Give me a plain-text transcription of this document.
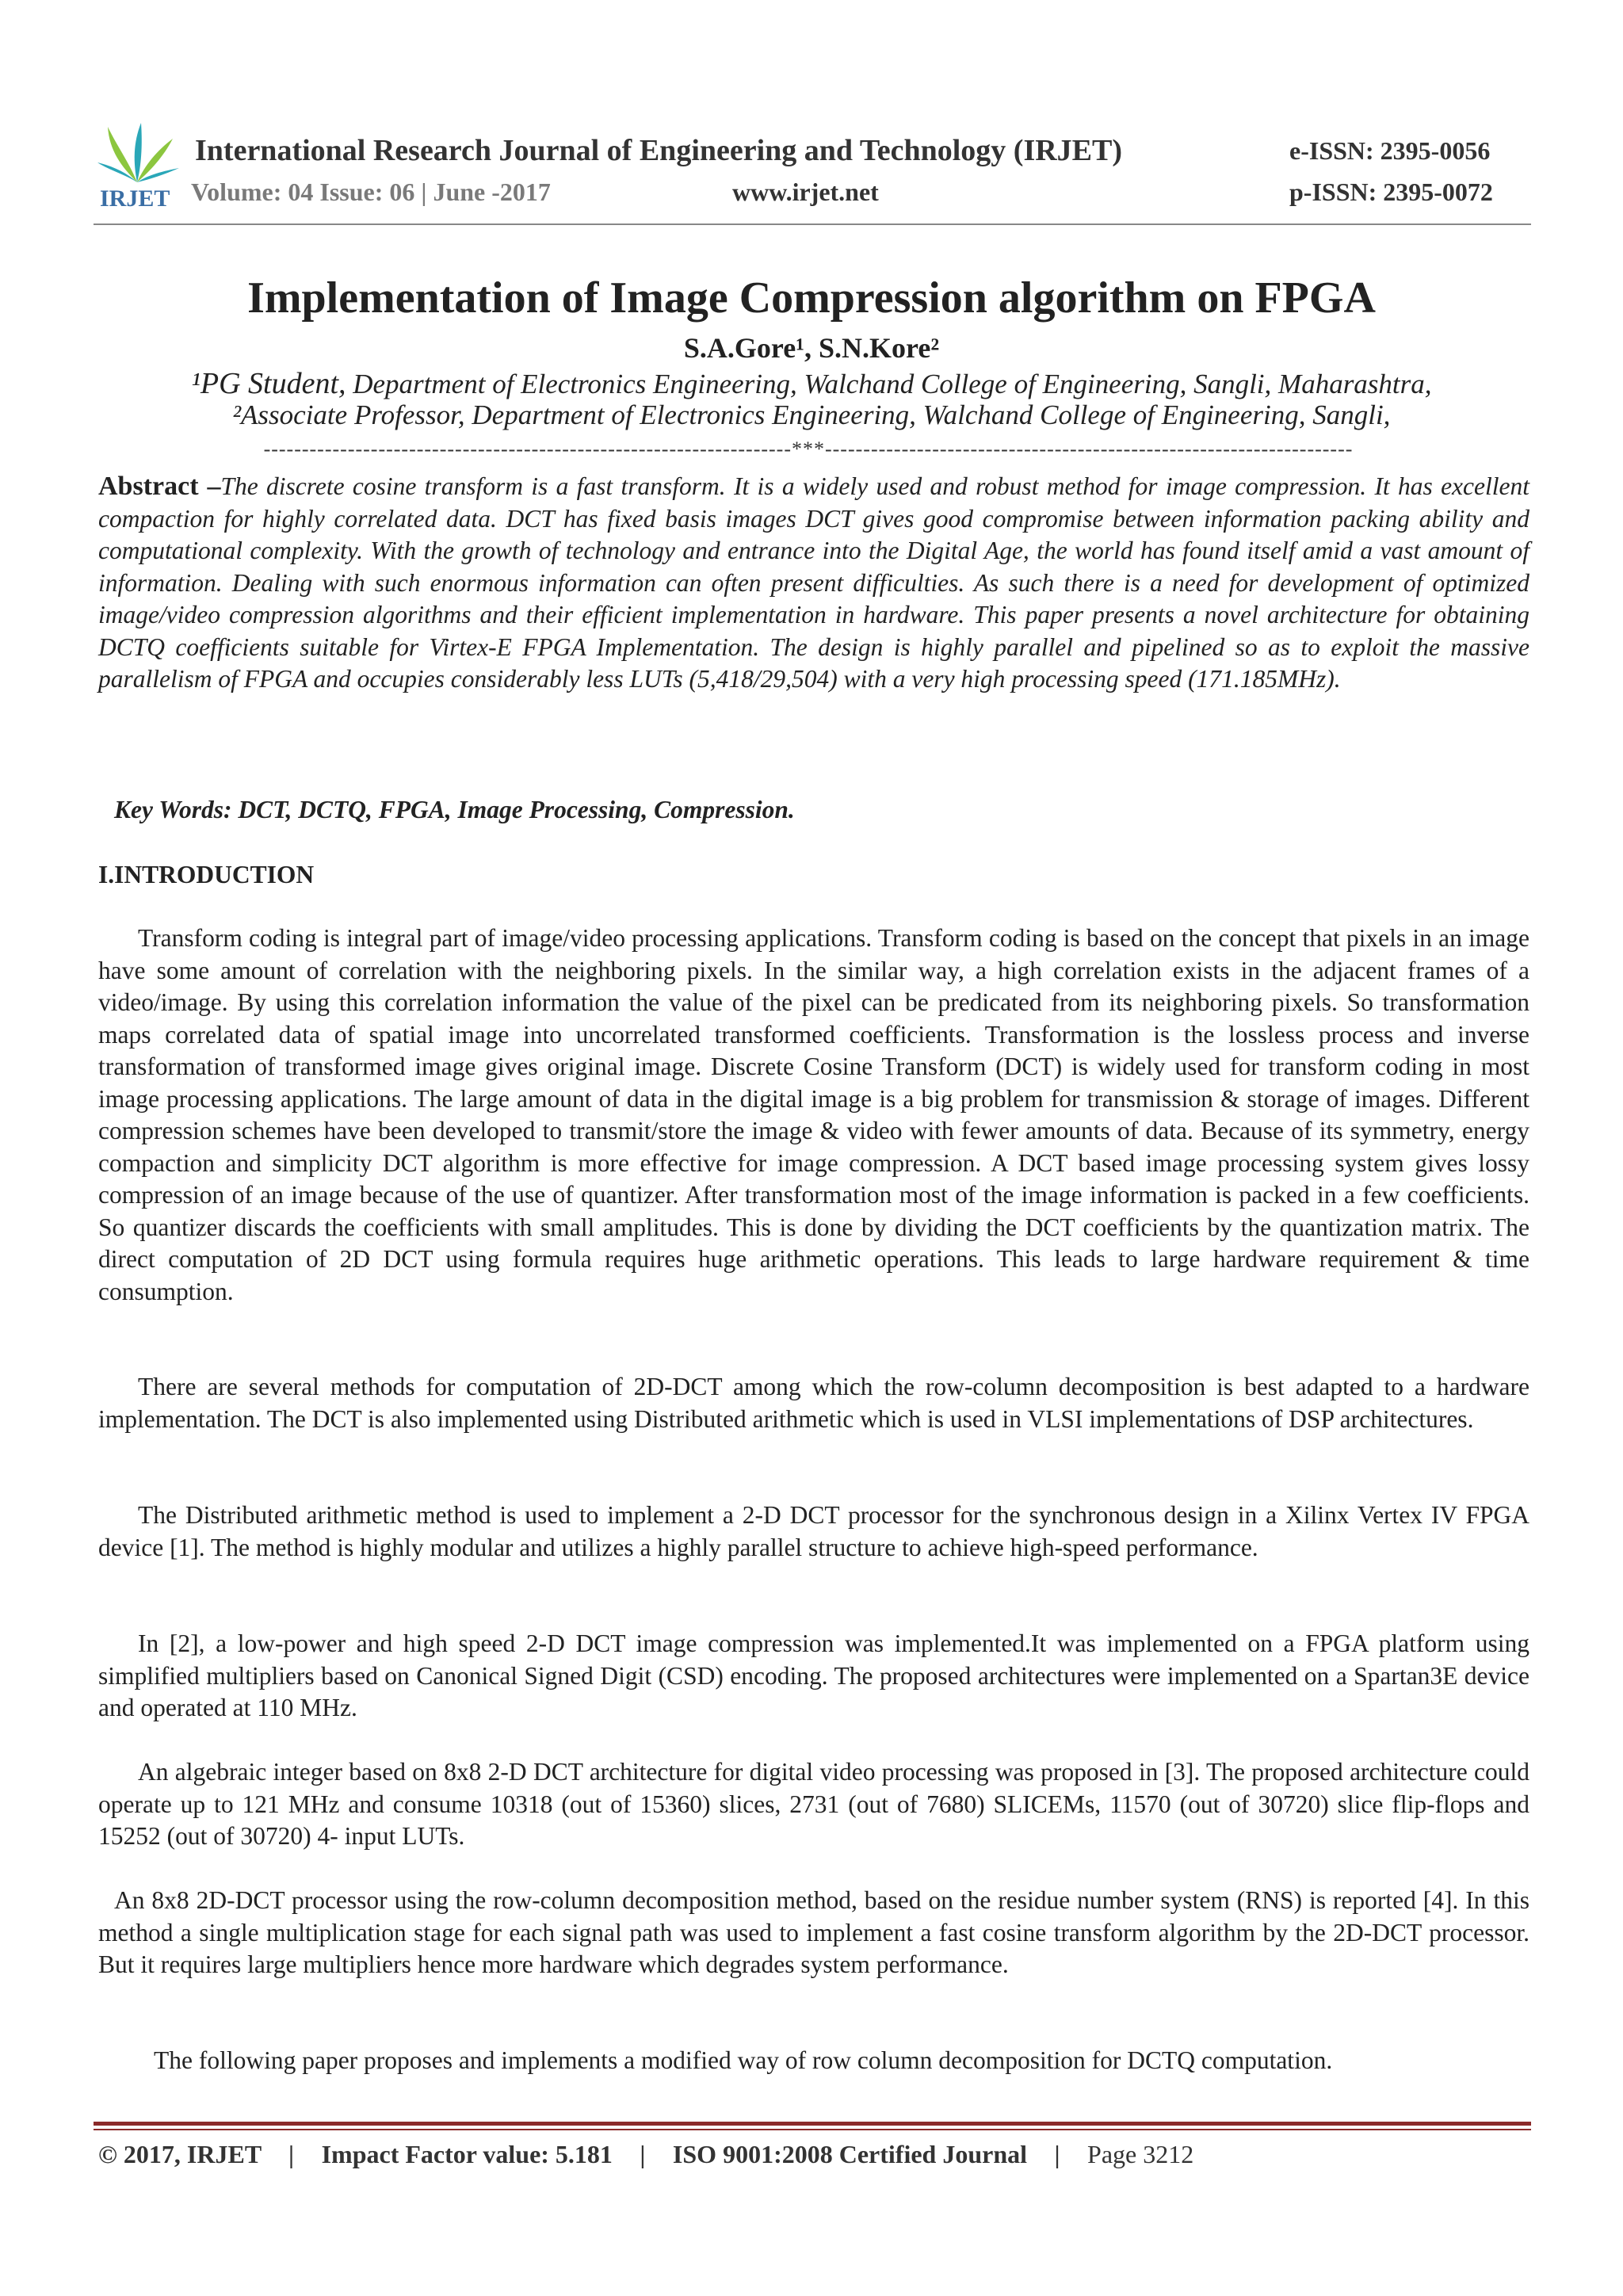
IRJET
International Research Journal of Engineering and Technology (IRJET)
Volume: 04 Issue: 06 | June -2017	www.irjet.net
e-ISSN: 2395-0056
p-ISSN: 2395-0072
Implementation of Image Compression algorithm on FPGA
S.A.Gore¹, S.N.Kore²
¹PG Student, Department of Electronics Engineering, Walchand College of Engineering, Sangli, Maharashtra,
²Associate Professor, Department of Electronics Engineering, Walchand College of Engineering, Sangli,
---------------------------------------------------------------------***---------------------------------------------------------------------
Abstract –The discrete cosine transform is a fast transform. It is a widely used and robust method for image compression. It has excellent compaction for highly correlated data. DCT has fixed basis images DCT gives good compromise between information packing ability and computational complexity. With the growth of technology and entrance into the Digital Age, the world has found itself amid a vast amount of information. Dealing with such enormous information can often present difficulties. As such there is a need for development of optimized image/video compression algorithms and their efficient implementation in hardware. This paper presents a novel architecture for obtaining DCTQ coefficients suitable for Virtex-E FPGA Implementation. The design is highly parallel and pipelined so as to exploit the massive parallelism of FPGA and occupies considerably less LUTs (5,418/29,504) with a very high processing speed (171.185MHz).
Key Words: DCT, DCTQ, FPGA, Image Processing, Compression.
I.INTRODUCTION

Transform coding is integral part of image/video processing applications. Transform coding is based on the concept that pixels in an image have some amount of correlation with the neighboring pixels. In the similar way, a high correlation exists in the adjacent frames of a video/image. By using this correlation information the value of the pixel can be predicated from its neighboring pixels. So transformation maps correlated data of spatial image into uncorrelated transformed coefficients. Transformation is the lossless process and inverse transformation of transformed image gives original image. Discrete Cosine Transform (DCT) is widely used for transform coding in most image processing applications. The large amount of data in the digital image is a big problem for transmission & storage of images. Different compression schemes have been developed to transmit/store the image & video with fewer amounts of data. Because of its symmetry, energy compaction and simplicity DCT algorithm is more effective for image compression. A DCT based image processing system gives lossy compression of an image because of the use of quantizer. After transformation most of the image information is packed in a few coefficients. So quantizer discards the coefficients with small amplitudes. This is done by dividing the DCT coefficients by the quantization matrix. The direct computation of 2D DCT using formula requires huge arithmetic operations. This leads to large hardware requirement & time consumption.

There are several methods for computation of 2D-DCT among which the row-column decomposition is best adapted to a hardware implementation. The DCT is also implemented using Distributed arithmetic which is used in VLSI implementations of DSP architectures.

The Distributed arithmetic method is used to implement a 2-D DCT processor for the synchronous design in a Xilinx Vertex IV FPGA device [1]. The method is highly modular and utilizes a highly parallel structure to achieve high-speed performance.

In [2], a low-power and high speed 2-D DCT image compression was implemented.It was implemented on a FPGA platform using simplified multipliers based on Canonical Signed Digit (CSD) encoding. The proposed architectures were implemented on a Spartan3E device and operated at 110 MHz.

An algebraic integer based on 8x8 2-D DCT architecture for digital video processing was proposed in [3]. The proposed architecture could operate up to 121 MHz and consume 10318 (out of 15360) slices, 2731 (out of 7680) SLICEMs, 11570 (out of 30720) slice flip-flops and 15252 (out of 30720) 4- input LUTs.

An 8x8 2D-DCT processor using the row-column decomposition method, based on the residue number system (RNS) is reported [4]. In this method a single multiplication stage for each signal path was used to implement a fast cosine transform algorithm by the 2D-DCT processor. But it requires large multipliers hence more hardware which degrades system performance.

The following paper proposes and implements a modified way of row column decomposition for DCTQ computation.

© 2017, IRJET | Impact Factor value: 5.181 | ISO 9001:2008 Certified Journal | Page 3212
